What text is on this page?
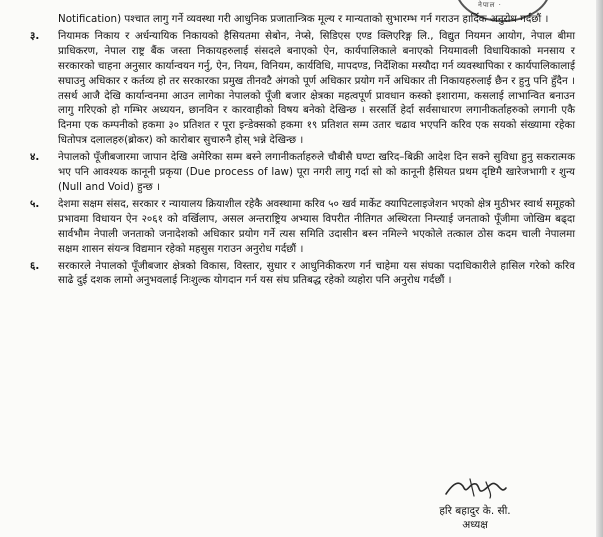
नेपाल ·

Notification) पश्चात लागु गर्ने व्यवस्था गरी आधुनिक प्रजातान्त्रिक मूल्य र मान्यताको सुभारम्भ गर्न गराउन हार्दिक अनुरोध गर्दछौं ।

३.	नियामक निकाय र अर्धन्यायिक निकायको हैसियतमा सेबोन, नेप्से, सिडिएस एण्ड क्लिएरिङ्ग लि., विद्युत नियमन आयोग, नेपाल बीमा प्राधिकरण, नेपाल राष्ट्र बैंक जस्ता निकायहरुलाई संसदले बनाएको ऐन, कार्यपालिकाले बनाएको नियमावली विधायिकाको मनसाय र सरकारको चाहना अनुसार कार्यान्वयन गर्नु, ऐन, नियम, विनियम, कार्यविधि, मापदण्ड, निर्देशिका मस्यौदा गर्न व्यवस्थापिका र कार्यपालिकालाई सघाउनु अधिकार र कर्तव्य हो तर सरकारका प्रमुख तीनवटै अंगको पूर्ण अधिकार प्रयोग गर्ने अधिकार ती निकायहरुलाई छैन र हुनु पनि हुँदैन । तसर्थ आजै देखि कार्यान्वनमा आउन लागेका नेपालको पूँजी बजार क्षेत्रका महत्वपूर्ण प्रावधान कस्को इशारामा, कसलाई लाभान्वित बनाउन लागु गरिएको हो गम्भिर अध्ययन, छानविन र कारवाहीको विषय बनेको देखिन्छ । सरसर्ति हेर्दा सर्वसाधारण लगानीकर्ताहरुको लगानी एकै दिनमा एक कम्पनीको हकमा ३० प्रतिशत र पूरा इन्डेक्सको हकमा १९ प्रतिशत सम्म उतार चढाव भएपनि करिव एक सयको संख्यामा रहेका धितोपत्र दलालहरु(ब्रोकर) को कारोबार सुचारुनै होस् भन्ने देखिन्छ ।

४.	नेपालको पूँजीबजारमा जापान देखि अमेरिका सम्म बस्ने लगानीकर्ताहरुले चौबीसै घण्टा खरिद–बिक्री आदेश दिन सक्ने सुविधा हुनु सकरात्मक भए पनि आवश्यक कानूनी प्रकृया (Due process of law) पूरा नगरी लागु गर्दा सो को कानूनी हैसियत प्रथम दृष्टिमै खारेजभागी र शुन्य (Null and Void) हुन्छ ।

५.	देशमा सक्षम संसद, सरकार र न्यायालय क्रियाशील रहेकै अवस्थामा करिव ५० खर्व मार्केट क्यापिटलाइजेशन भएको क्षेत्र मुठीभर स्वार्थ समूहको प्रभावमा विधायन ऐन २०६१ को वर्खिलाप, असल अन्तराष्ट्रिय अभ्यास विपरीत नीतिगत अस्थिरता निम्त्याई जनताको पूँजीमा जोखिम बढ्दा सार्वभौम नेपाली जनताको जनादेशको अधिकार प्रयोग गर्ने त्यस समिति उदासीन बस्न नमिल्ने भएकोले तत्काल ठोस कदम चाली नेपालमा सक्षम शासन संयन्त्र विद्यमान रहेको महसुस गराउन अनुरोध गर्दछौं ।

६.	सरकारले नेपालको पूँजीबजार क्षेत्रको विकास, विस्तार, सुधार र आधुनिकीकरण गर्न चाहेमा यस संघका पदाधिकारीले हासिल गरेको करिव साढे दुई दशक लामो अनुभवलाई निःशुल्क योगदान गर्न यस संघ प्रतिबद्ध रहेको व्यहोरा पनि अनुरोध गर्दछौं ।

हरि बहादुर के. सी.
अध्यक्ष
